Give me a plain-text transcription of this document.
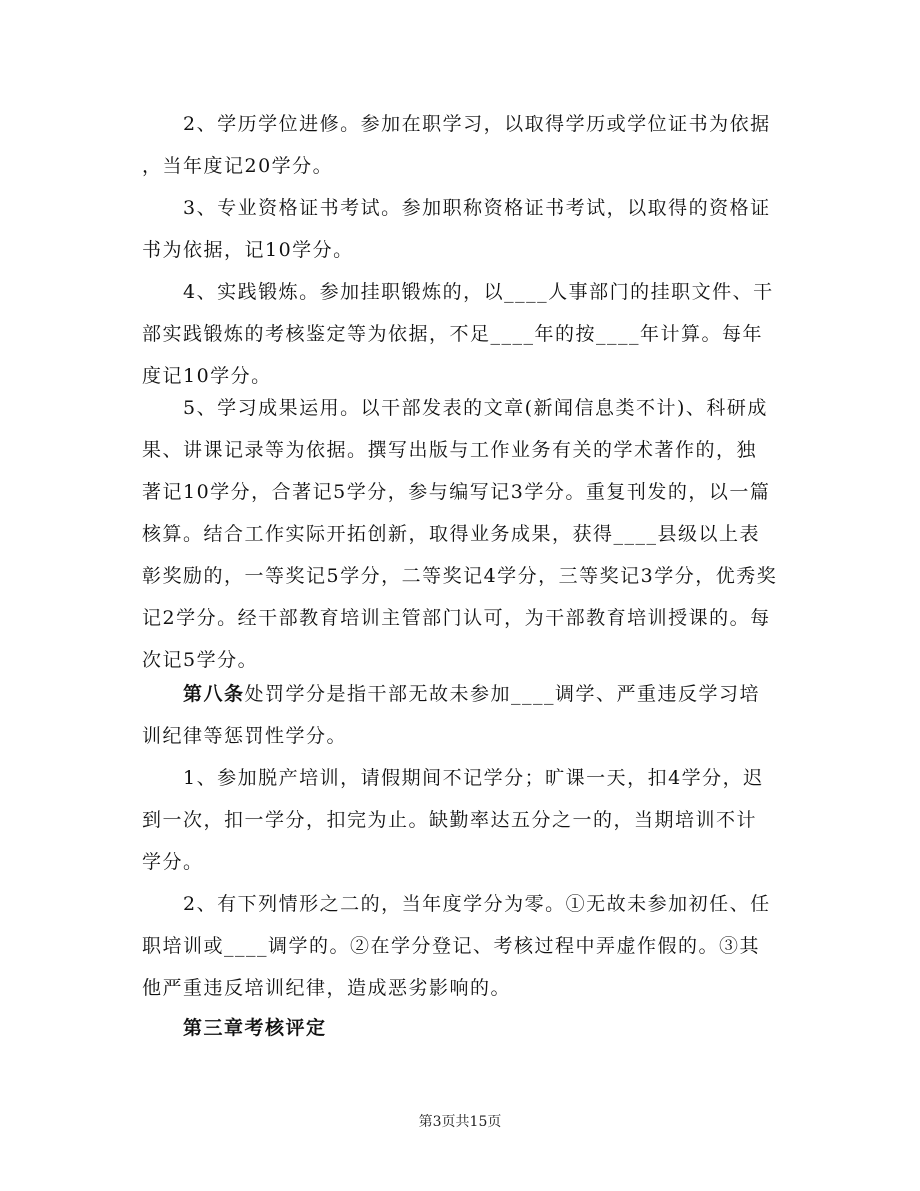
　　2、学历学位进修。参加在职学习，以取得学历或学位证书为依据
，当年度记20学分。
　　3、专业资格证书考试。参加职称资格证书考试，以取得的资格证
书为依据，记10学分。
　　4、实践锻炼。参加挂职锻炼的，以____人事部门的挂职文件、干
部实践锻炼的考核鉴定等为依据，不足____年的按____年计算。每年
度记10学分。
　　5、学习成果运用。以干部发表的文章(新闻信息类不计)、科研成
果、讲课记录等为依据。撰写出版与工作业务有关的学术著作的，独
著记10学分，合著记5学分，参与编写记3学分。重复刊发的，以一篇
核算。结合工作实际开拓创新，取得业务成果，获得____县级以上表
彰奖励的，一等奖记5学分，二等奖记4学分，三等奖记3学分，优秀奖
记2学分。经干部教育培训主管部门认可，为干部教育培训授课的。每
次记5学分。
　　第八条处罚学分是指干部无故未参加____调学、严重违反学习培
训纪律等惩罚性学分。
　　1、参加脱产培训，请假期间不记学分；旷课一天，扣4学分，迟
到一次，扣一学分，扣完为止。缺勤率达五分之一的，当期培训不计
学分。
　　2、有下列情形之二的，当年度学分为零。①无故未参加初任、任
职培训或____调学的。②在学分登记、考核过程中弄虚作假的。③其
他严重违反培训纪律，造成恶劣影响的。
　　第三章考核评定
第3页共15页
